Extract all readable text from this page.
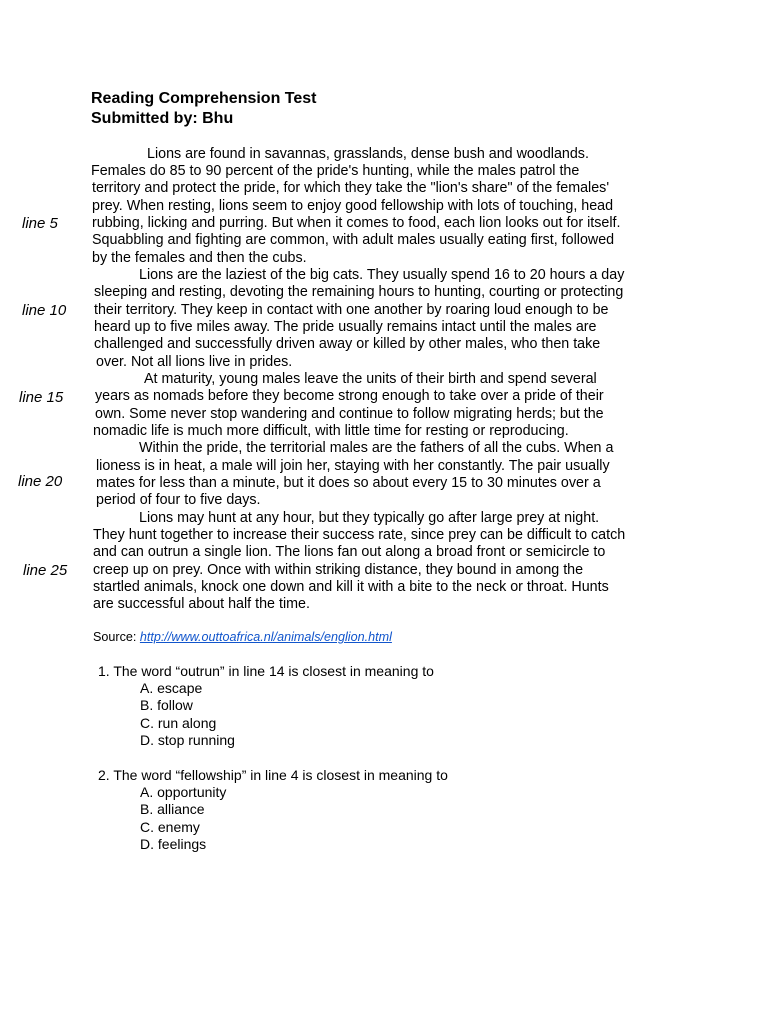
Reading Comprehension Test
Submitted by: Bhu
line 5
line 10
line 15
line 20
line 25
Lions are found in savannas, grasslands, dense bush and woodlands.
Females do 85 to 90 percent of the pride's hunting, while the males patrol the
territory and protect the pride, for which they take the "lion's share" of the females'
prey. When resting, lions seem to enjoy good fellowship with lots of touching, head
rubbing, licking and purring. But when it comes to food, each lion looks out for itself.
Squabbling and fighting are common, with adult males usually eating first, followed
by the females and then the cubs.
Lions are the laziest of the big cats. They usually spend 16 to 20 hours a day
sleeping and resting, devoting the remaining hours to hunting, courting or protecting
their territory. They keep in contact with one another by roaring loud enough to be
heard up to five miles away. The pride usually remains intact until the males are
challenged and successfully driven away or killed by other males, who then take
over. Not all lions live in prides.
At maturity, young males leave the units of their birth and spend several
years as nomads before they become strong enough to take over a pride of their
own. Some never stop wandering and continue to follow migrating herds; but the
nomadic life is much more difficult, with little time for resting or reproducing.
Within the pride, the territorial males are the fathers of all the cubs. When a
lioness is in heat, a male will join her, staying with her constantly. The pair usually
mates for less than a minute, but it does so about every 15 to 30 minutes over a
period of four to five days.
Lions may hunt at any hour, but they typically go after large prey at night.
They hunt together to increase their success rate, since prey can be difficult to catch
and can outrun a single lion. The lions fan out along a broad front or semicircle to
creep up on prey. Once with within striking distance, they bound in among the
startled animals, knock one down and kill it with a bite to the neck or throat. Hunts
are successful about half the time.
Source: http://www.outtoafrica.nl/animals/englion.html
1. The word “outrun” in line 14 is closest in meaning to
A. escape
B. follow
C. run along
D. stop running
2. The word “fellowship” in line 4 is closest in meaning to
A. opportunity
B. alliance
C. enemy
D. feelings
